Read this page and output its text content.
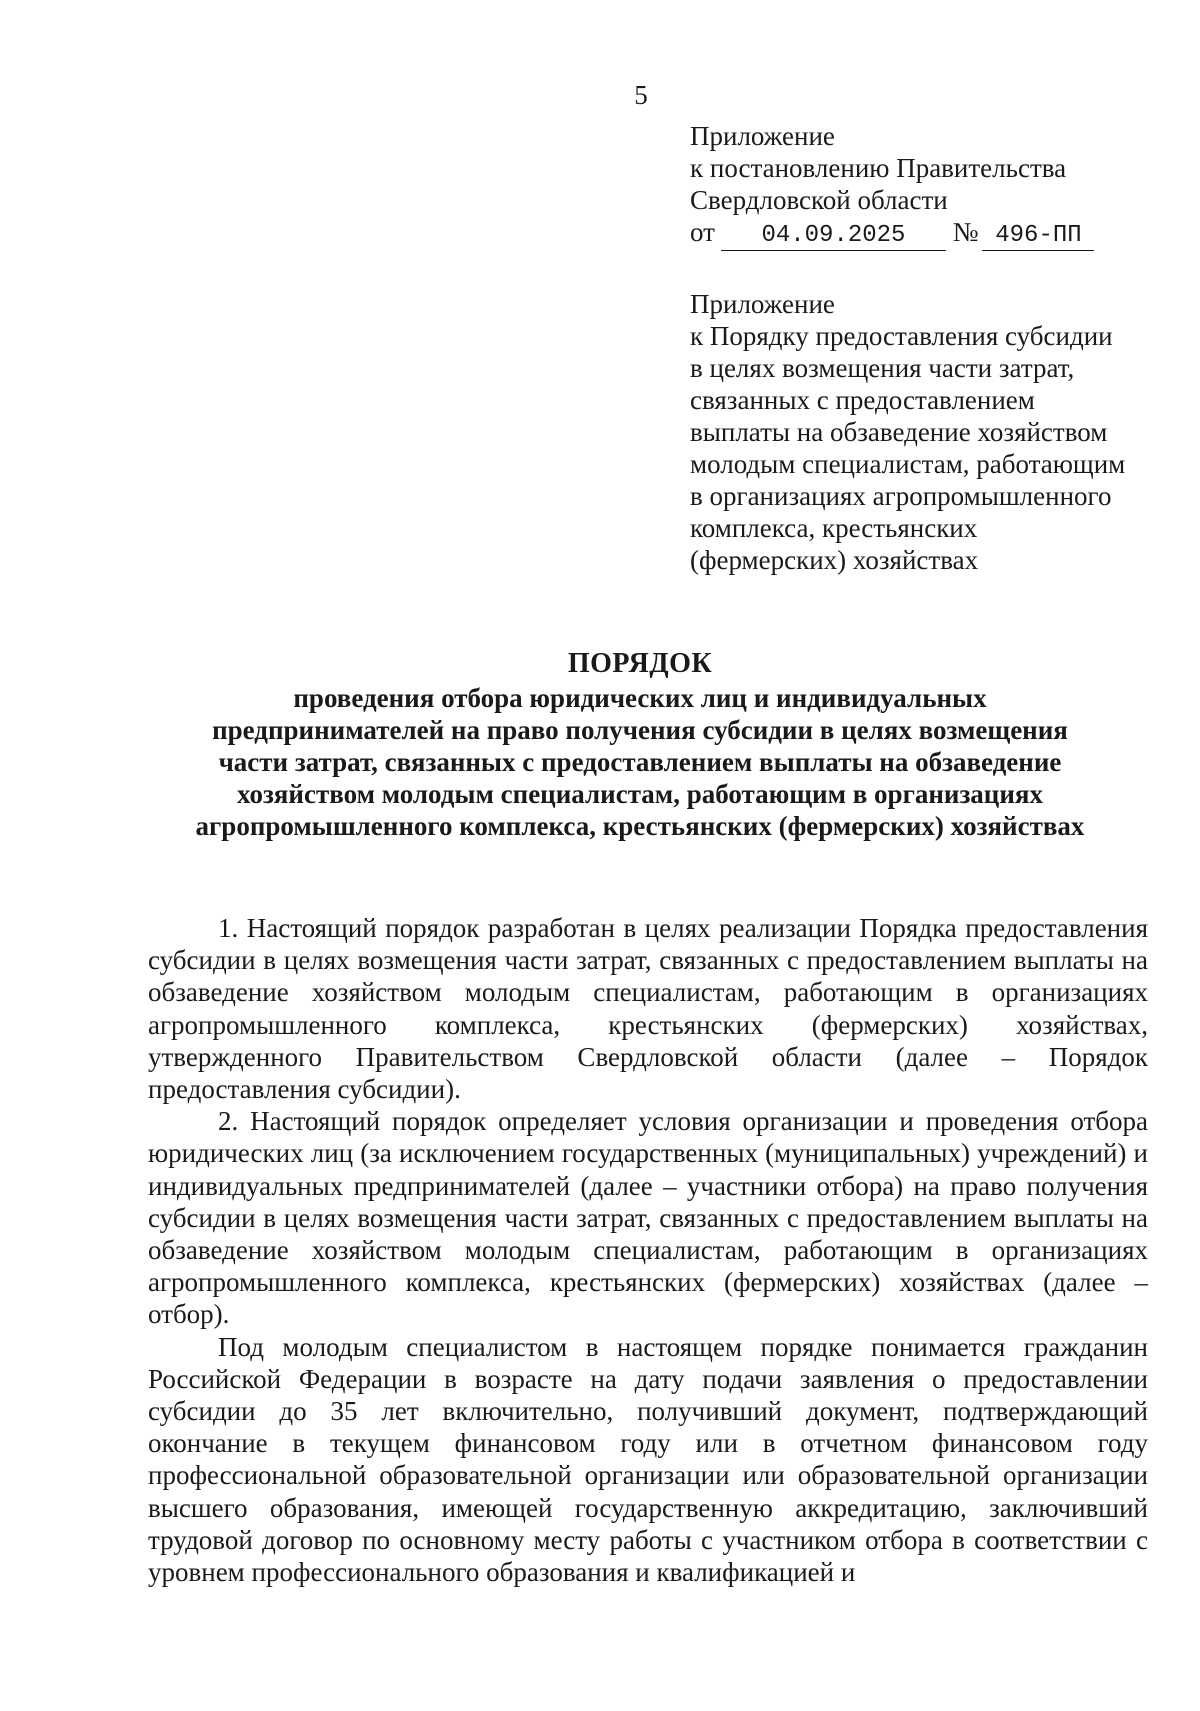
5
Приложение
к постановлению Правительства
Свердловской области
от 04.09.2025 № 496-ПП
Приложение
к Порядку предоставления субсидии
в целях возмещения части затрат,
связанных с предоставлением
выплаты на обзаведение хозяйством
молодым специалистам, работающим
в организациях агропромышленного
комплекса, крестьянских
(фермерских) хозяйствах
ПОРЯДОК
проведения отбора юридических лиц и индивидуальных
предпринимателей на право получения субсидии в целях возмещения
части затрат, связанных с предоставлением выплаты на обзаведение
хозяйством молодым специалистам, работающим в организациях
агропромышленного комплекса, крестьянских (фермерских) хозяйствах

1. Настоящий порядок разработан в целях реализации Порядка предоставления субсидии в целях возмещения части затрат, связанных с предоставлением выплаты на обзаведение хозяйством молодым специалистам, работающим в организациях агропромышленного комплекса, крестьянских (фермерских) хозяйствах, утвержденного Правительством Свердловской области (далее – Порядок предоставления субсидии).

2. Настоящий порядок определяет условия организации и проведения отбора юридических лиц (за исключением государственных (муниципальных) учреждений) и индивидуальных предпринимателей (далее – участники отбора) на право получения субсидии в целях возмещения части затрат, связанных с предоставлением выплаты на обзаведение хозяйством молодым специалистам, работающим в организациях агропромышленного комплекса, крестьянских (фермерских) хозяйствах (далее – отбор).

Под молодым специалистом в настоящем порядке понимается гражданин Российской Федерации в возрасте на дату подачи заявления о предоставлении субсидии до 35 лет включительно, получивший документ, подтверждающий окончание в текущем финансовом году или в отчетном финансовом году профессиональной образовательной организации или образовательной организации высшего образования, имеющей государственную аккредитацию, заключивший трудовой договор по основному месту работы с участником отбора в соответствии с уровнем профессионального образования и квалификацией и
